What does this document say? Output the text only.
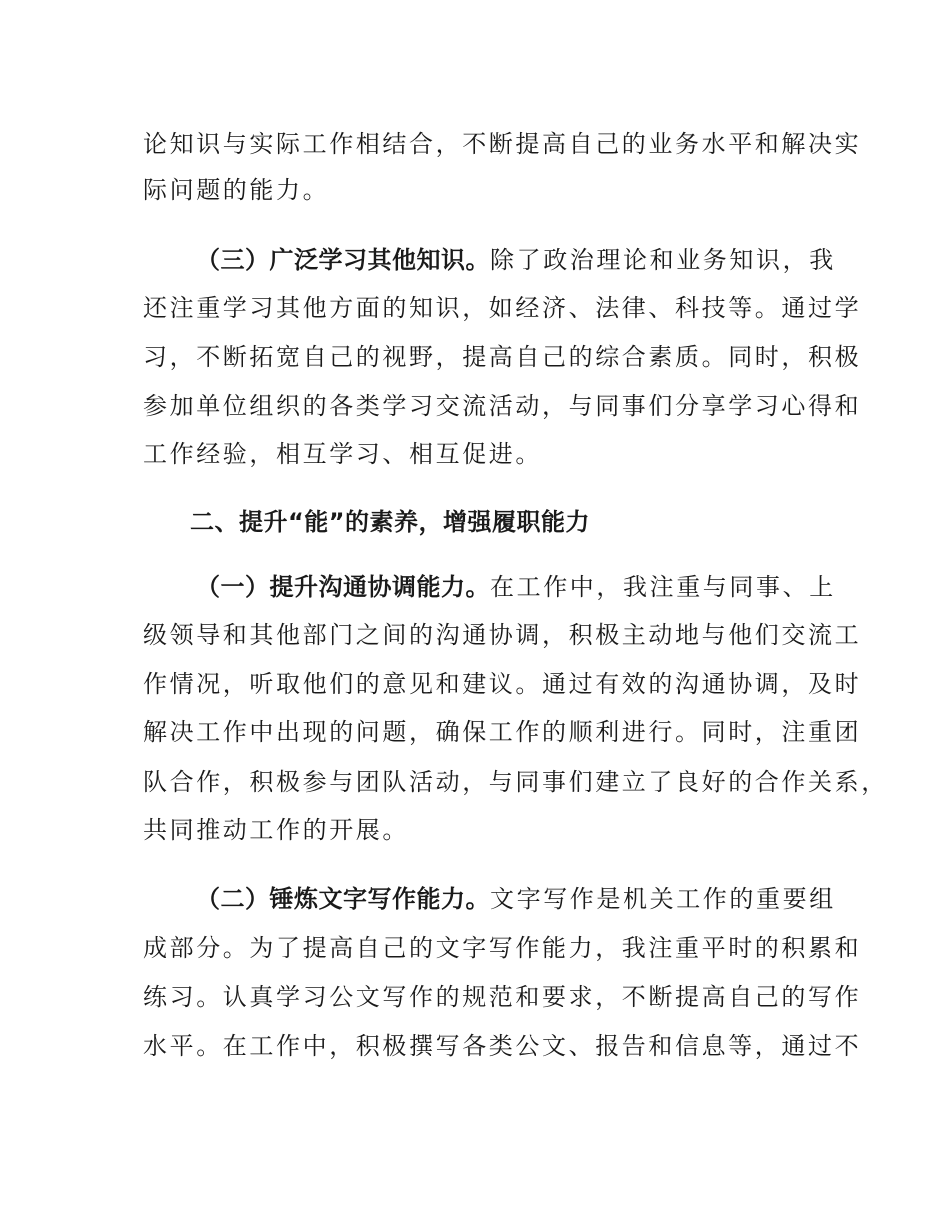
论知识与实际工作相结合，不断提高自己的业务水平和解决实
际问题的能力。
（三）广泛学习其他知识。除了政治理论和业务知识，我
还注重学习其他方面的知识，如经济、法律、科技等。通过学
习，不断拓宽自己的视野，提高自己的综合素质。同时，积极
参加单位组织的各类学习交流活动，与同事们分享学习心得和
工作经验，相互学习、相互促进。
二、提升“能”的素养，增强履职能力
（一）提升沟通协调能力。在工作中，我注重与同事、上
级领导和其他部门之间的沟通协调，积极主动地与他们交流工
作情况，听取他们的意见和建议。通过有效的沟通协调，及时
解决工作中出现的问题，确保工作的顺利进行。同时，注重团
队合作，积极参与团队活动，与同事们建立了良好的合作关系，
共同推动工作的开展。
（二）锤炼文字写作能力。文字写作是机关工作的重要组
成部分。为了提高自己的文字写作能力，我注重平时的积累和
练习。认真学习公文写作的规范和要求，不断提高自己的写作
水平。在工作中，积极撰写各类公文、报告和信息等，通过不
